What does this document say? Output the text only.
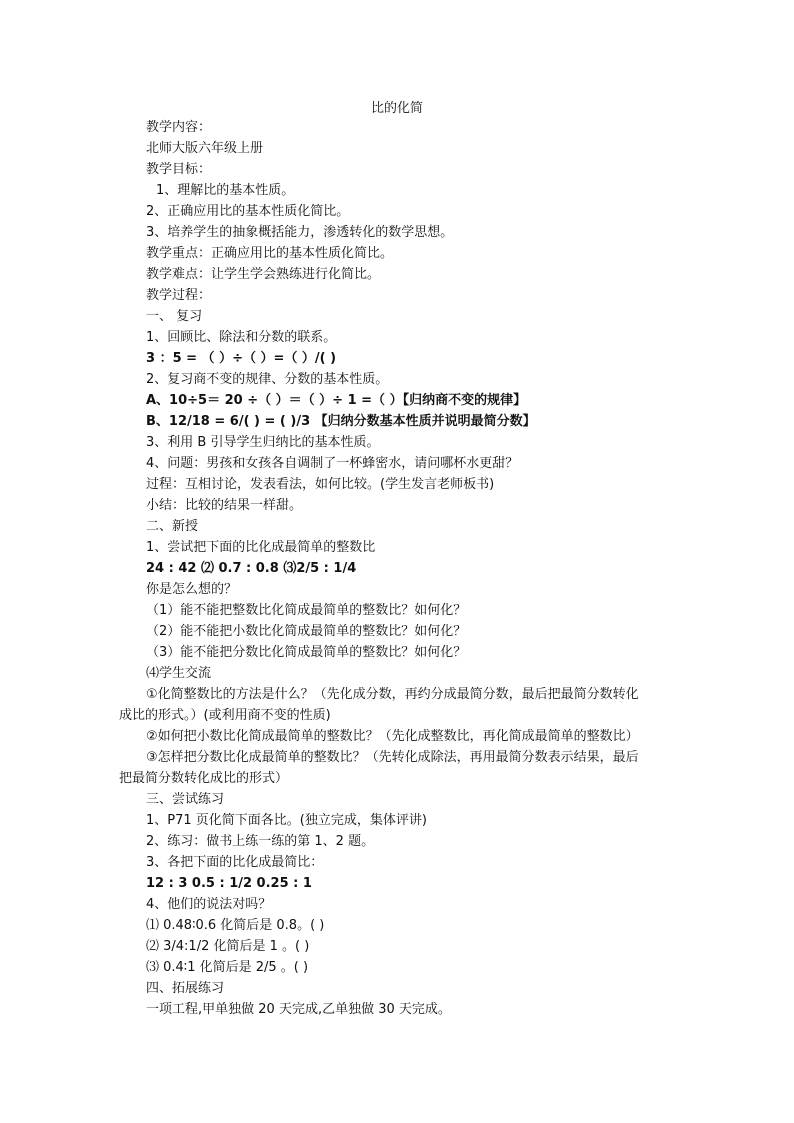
比的化简
教学内容：
北师大版六年级上册
教学目标：
1、理解比的基本性质。
2、正确应用比的基本性质化简比。
3、培养学生的抽象概括能力，渗透转化的数学思想。
教学重点：正确应用比的基本性质化简比。
教学难点：让学生学会熟练进行化简比。
教学过程：
一、 复习
1、回顾比、除法和分数的联系。
3 ：5 = （ ）÷（ ）=（ ）/( )
2、复习商不变的规律、分数的基本性质。
A、10÷5＝ 20 ÷（ ）＝（ ）÷ 1 =（ ）【归纳商不变的规律】
B、12/18 = 6/( ) = ( )/3 【归纳分数基本性质并说明最简分数】
3、利用 B 引导学生归纳比的基本性质。
4、问题：男孩和女孩各自调制了一杯蜂密水，请问哪杯水更甜？
过程：互相讨论，发表看法，如何比较。(学生发言老师板书)
小结：比较的结果一样甜。
二、新授
1、尝试把下面的比化成最简单的整数比
24 : 42 ⑵ 0.7 : 0.8 ⑶2/5 : 1/4
你是怎么想的？
（1）能不能把整数比化简成最简单的整数比？如何化？
（2）能不能把小数比化简成最简单的整数比？如何化？
（3）能不能把分数比化简成最简单的整数比？如何化？
⑷学生交流
①化简整数比的方法是什么？（先化成分数，再约分成最简分数，最后把最简分数转化
成比的形式。）(或利用商不变的性质)
②如何把小数比化简成最简单的整数比？（先化成整数比，再化简成最简单的整数比）
③怎样把分数比化成最简单的整数比？（先转化成除法，再用最简分数表示结果，最后
把最简分数转化成比的形式）
三、尝试练习
1、P71 页化简下面各比。(独立完成，集体评讲)
2、练习：做书上练一练的第 1、2 题。
3、各把下面的比化成最简比：
12 : 3 0.5 : 1/2 0.25 : 1
4、他们的说法对吗？
⑴ 0.48∶0.6 化简后是 0.8。( )
⑵ 3/4:1/2 化简后是 1 。( )
⑶ 0.4∶1 化简后是 2/5 。( )
四、拓展练习
一项工程,甲单独做 20 天完成,乙单独做 30 天完成。
